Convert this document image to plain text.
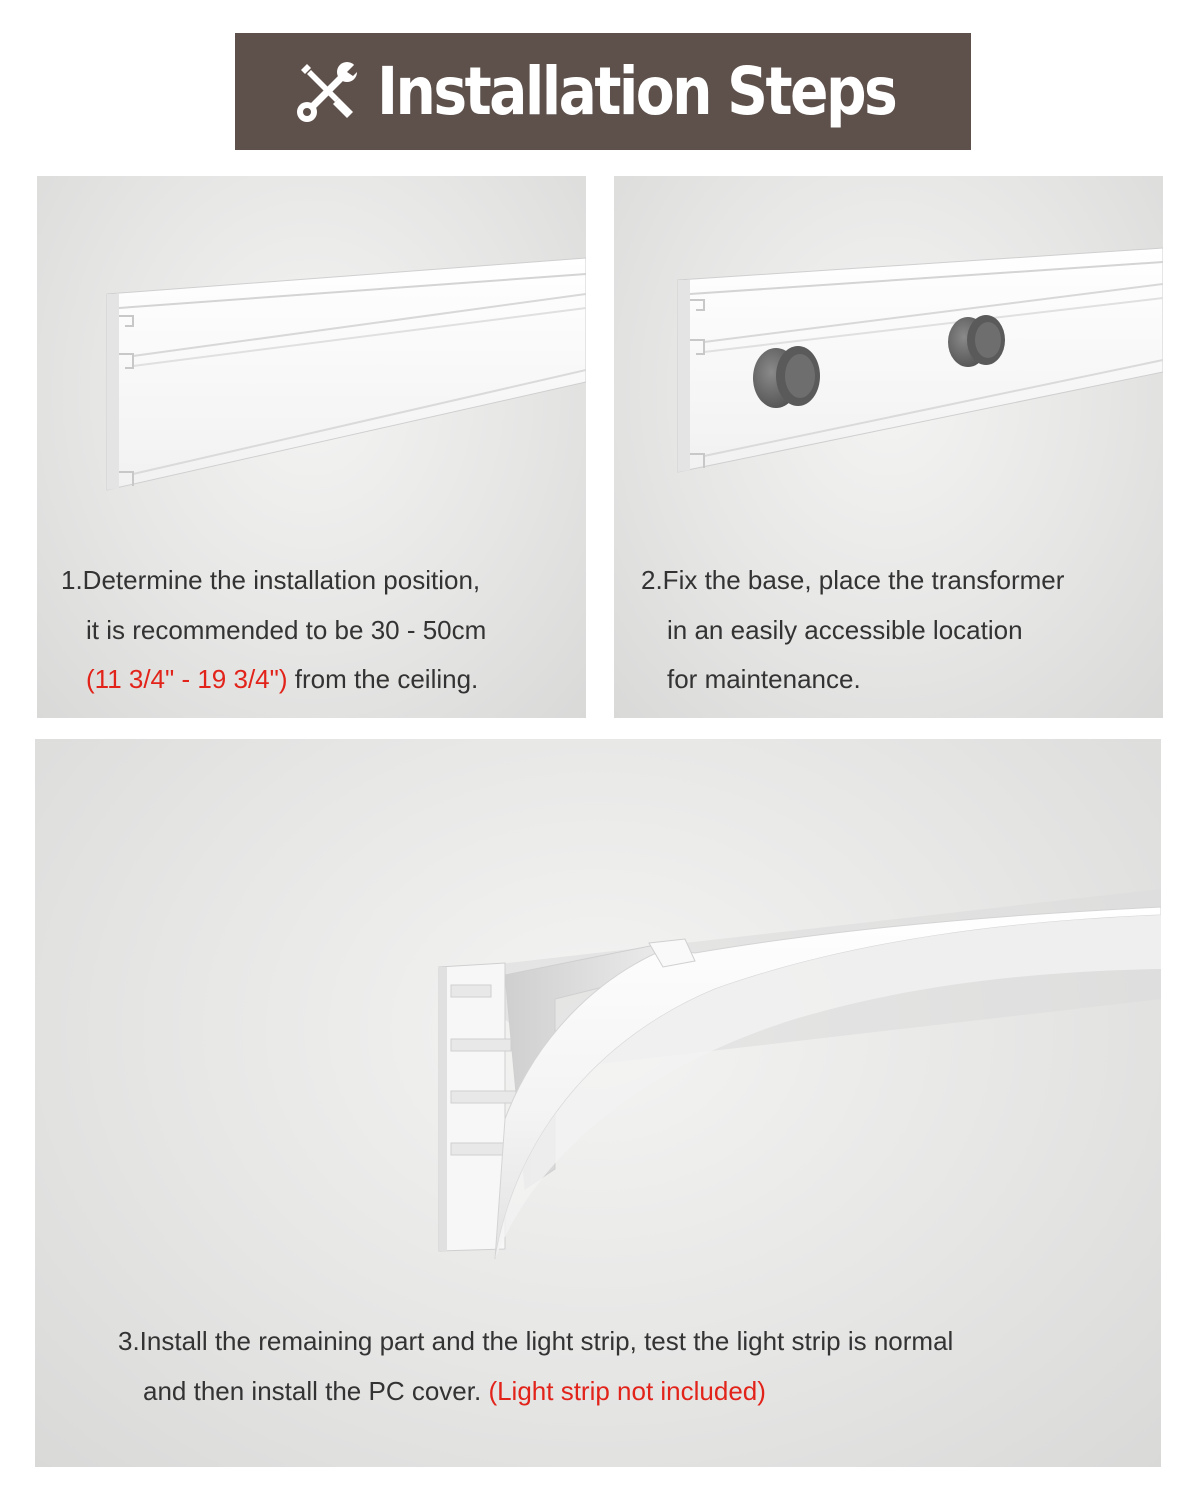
Installation Steps
1.Determine the installation position,
it is recommended to be 30 - 50cm
(11 3/4" - 19 3/4") from the ceiling.
2.Fix the base, place the transformer
in an easily accessible location
for maintenance.
3.Install the remaining part and the light strip, test the light strip is normal
and then install the PC cover. (Light strip not included)
